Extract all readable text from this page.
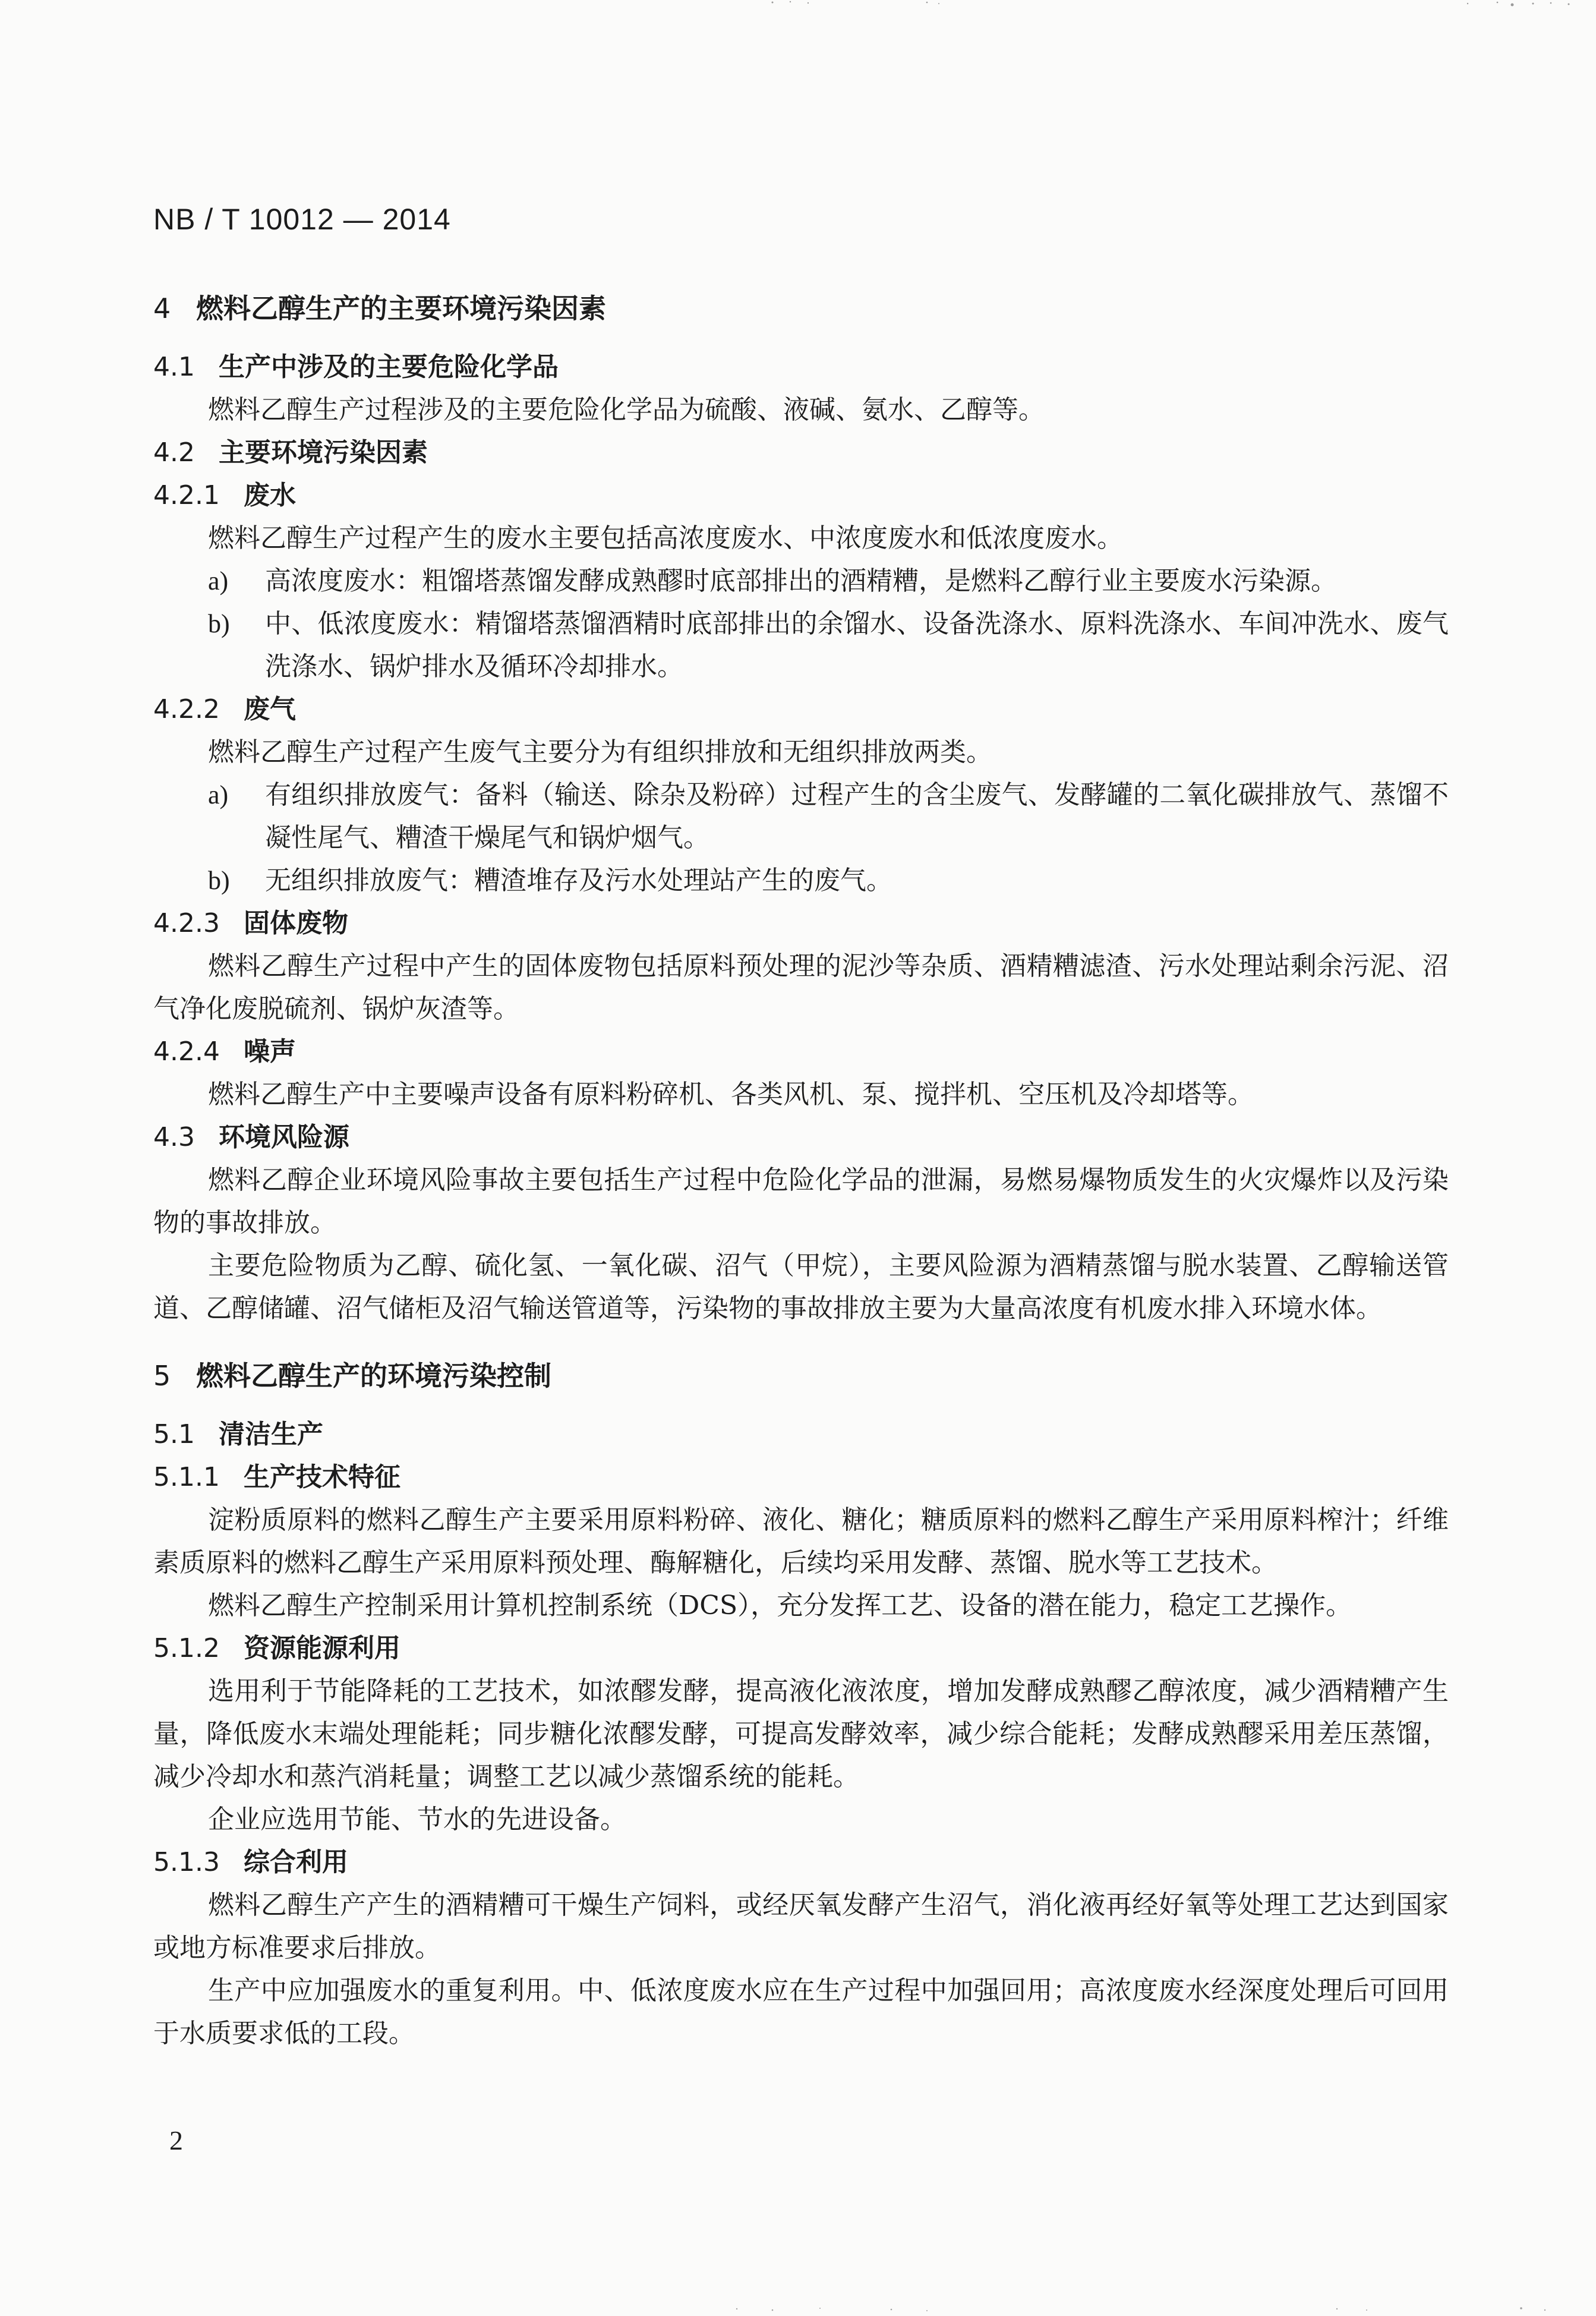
NB / T 10012 — 2014
4 燃料乙醇生产的主要环境污染因素
4.1 生产中涉及的主要危险化学品
燃料乙醇生产过程涉及的主要危险化学品为硫酸、液碱、氨水、乙醇等。
4.2 主要环境污染因素
4.2.1 废水
燃料乙醇生产过程产生的废水主要包括高浓度废水、中浓度废水和低浓度废水。
a) 高浓度废水：粗馏塔蒸馏发酵成熟醪时底部排出的酒精糟，是燃料乙醇行业主要废水污染源。
b) 中、低浓度废水：精馏塔蒸馏酒精时底部排出的余馏水、设备洗涤水、原料洗涤水、车间冲洗水、废气洗涤水、锅炉排水及循环冷却排水。
4.2.2 废气
燃料乙醇生产过程产生废气主要分为有组织排放和无组织排放两类。
a) 有组织排放废气：备料（输送、除杂及粉碎）过程产生的含尘废气、发酵罐的二氧化碳排放气、蒸馏不凝性尾气、糟渣干燥尾气和锅炉烟气。
b) 无组织排放废气：糟渣堆存及污水处理站产生的废气。
4.2.3 固体废物
燃料乙醇生产过程中产生的固体废物包括原料预处理的泥沙等杂质、酒精糟滤渣、污水处理站剩余污泥、沼气净化废脱硫剂、锅炉灰渣等。
4.2.4 噪声
燃料乙醇生产中主要噪声设备有原料粉碎机、各类风机、泵、搅拌机、空压机及冷却塔等。
4.3 环境风险源
燃料乙醇企业环境风险事故主要包括生产过程中危险化学品的泄漏，易燃易爆物质发生的火灾爆炸以及污染物的事故排放。
主要危险物质为乙醇、硫化氢、一氧化碳、沼气（甲烷），主要风险源为酒精蒸馏与脱水装置、乙醇输送管道、乙醇储罐、沼气储柜及沼气输送管道等，污染物的事故排放主要为大量高浓度有机废水排入环境水体。
5 燃料乙醇生产的环境污染控制
5.1 清洁生产
5.1.1 生产技术特征
淀粉质原料的燃料乙醇生产主要采用原料粉碎、液化、糖化；糖质原料的燃料乙醇生产采用原料榨汁；纤维素质原料的燃料乙醇生产采用原料预处理、酶解糖化，后续均采用发酵、蒸馏、脱水等工艺技术。
燃料乙醇生产控制采用计算机控制系统（DCS），充分发挥工艺、设备的潜在能力，稳定工艺操作。
5.1.2 资源能源利用
选用利于节能降耗的工艺技术，如浓醪发酵，提高液化液浓度，增加发酵成熟醪乙醇浓度，减少酒精糟产生量，降低废水末端处理能耗；同步糖化浓醪发酵，可提高发酵效率，减少综合能耗；发酵成熟醪采用差压蒸馏，减少冷却水和蒸汽消耗量；调整工艺以减少蒸馏系统的能耗。
企业应选用节能、节水的先进设备。
5.1.3 综合利用
燃料乙醇生产产生的酒精糟可干燥生产饲料，或经厌氧发酵产生沼气，消化液再经好氧等处理工艺达到国家或地方标准要求后排放。
生产中应加强废水的重复利用。中、低浓度废水应在生产过程中加强回用；高浓度废水经深度处理后可回用于水质要求低的工段。
2
